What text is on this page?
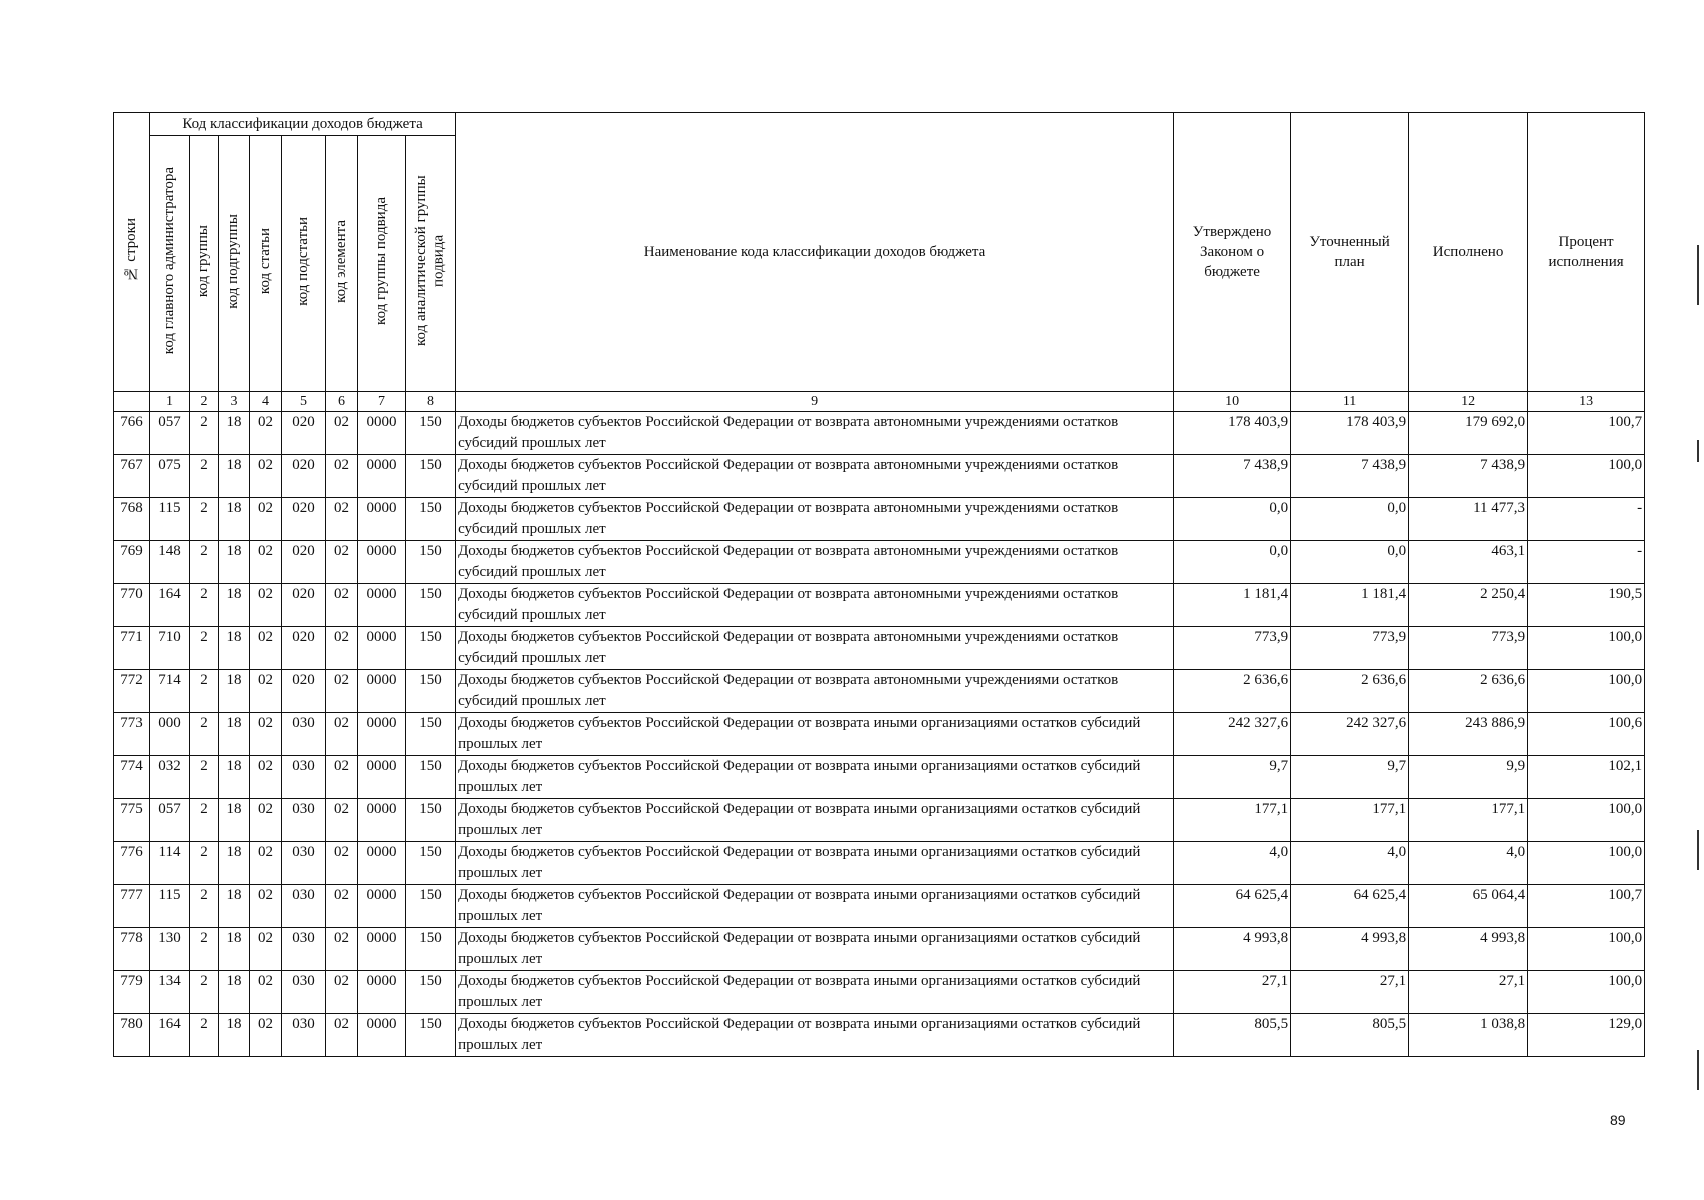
№ строки	Код классификации доходов бюджета								Наименование кода классификации доходов бюджета	Утверждено Законом о бюджете	Уточненный план	Исполнено	Процент исполнения
	код главного администратора	код группы	код подгруппы	код статьи	код подстатьи	код элемента	код группы подвида	код аналитической группы подвида					
	1	2	3	4	5	6	7	8	9	10	11	12	13
766	057	2	18	02	020	02	0000	150	Доходы бюджетов субъектов Российской Федерации от возврата автономными учреждениями остатков субсидий прошлых лет	178 403,9	178 403,9	179 692,0	100,7
767	075	2	18	02	020	02	0000	150	Доходы бюджетов субъектов Российской Федерации от возврата автономными учреждениями остатков субсидий прошлых лет	7 438,9	7 438,9	7 438,9	100,0
768	115	2	18	02	020	02	0000	150	Доходы бюджетов субъектов Российской Федерации от возврата автономными учреждениями остатков субсидий прошлых лет	0,0	0,0	11 477,3	-
769	148	2	18	02	020	02	0000	150	Доходы бюджетов субъектов Российской Федерации от возврата автономными учреждениями остатков субсидий прошлых лет	0,0	0,0	463,1	-
770	164	2	18	02	020	02	0000	150	Доходы бюджетов субъектов Российской Федерации от возврата автономными учреждениями остатков субсидий прошлых лет	1 181,4	1 181,4	2 250,4	190,5
771	710	2	18	02	020	02	0000	150	Доходы бюджетов субъектов Российской Федерации от возврата автономными учреждениями остатков субсидий прошлых лет	773,9	773,9	773,9	100,0
772	714	2	18	02	020	02	0000	150	Доходы бюджетов субъектов Российской Федерации от возврата автономными учреждениями остатков субсидий прошлых лет	2 636,6	2 636,6	2 636,6	100,0
773	000	2	18	02	030	02	0000	150	Доходы бюджетов субъектов Российской Федерации от возврата иными организациями остатков субсидий прошлых лет	242 327,6	242 327,6	243 886,9	100,6
774	032	2	18	02	030	02	0000	150	Доходы бюджетов субъектов Российской Федерации от возврата иными организациями остатков субсидий прошлых лет	9,7	9,7	9,9	102,1
775	057	2	18	02	030	02	0000	150	Доходы бюджетов субъектов Российской Федерации от возврата иными организациями остатков субсидий прошлых лет	177,1	177,1	177,1	100,0
776	114	2	18	02	030	02	0000	150	Доходы бюджетов субъектов Российской Федерации от возврата иными организациями остатков субсидий прошлых лет	4,0	4,0	4,0	100,0
777	115	2	18	02	030	02	0000	150	Доходы бюджетов субъектов Российской Федерации от возврата иными организациями остатков субсидий прошлых лет	64 625,4	64 625,4	65 064,4	100,7
778	130	2	18	02	030	02	0000	150	Доходы бюджетов субъектов Российской Федерации от возврата иными организациями остатков субсидий прошлых лет	4 993,8	4 993,8	4 993,8	100,0
779	134	2	18	02	030	02	0000	150	Доходы бюджетов субъектов Российской Федерации от возврата иными организациями остатков субсидий прошлых лет	27,1	27,1	27,1	100,0
780	164	2	18	02	030	02	0000	150	Доходы бюджетов субъектов Российской Федерации от возврата иными организациями остатков субсидий прошлых лет	805,5	805,5	1 038,8	129,0
89
